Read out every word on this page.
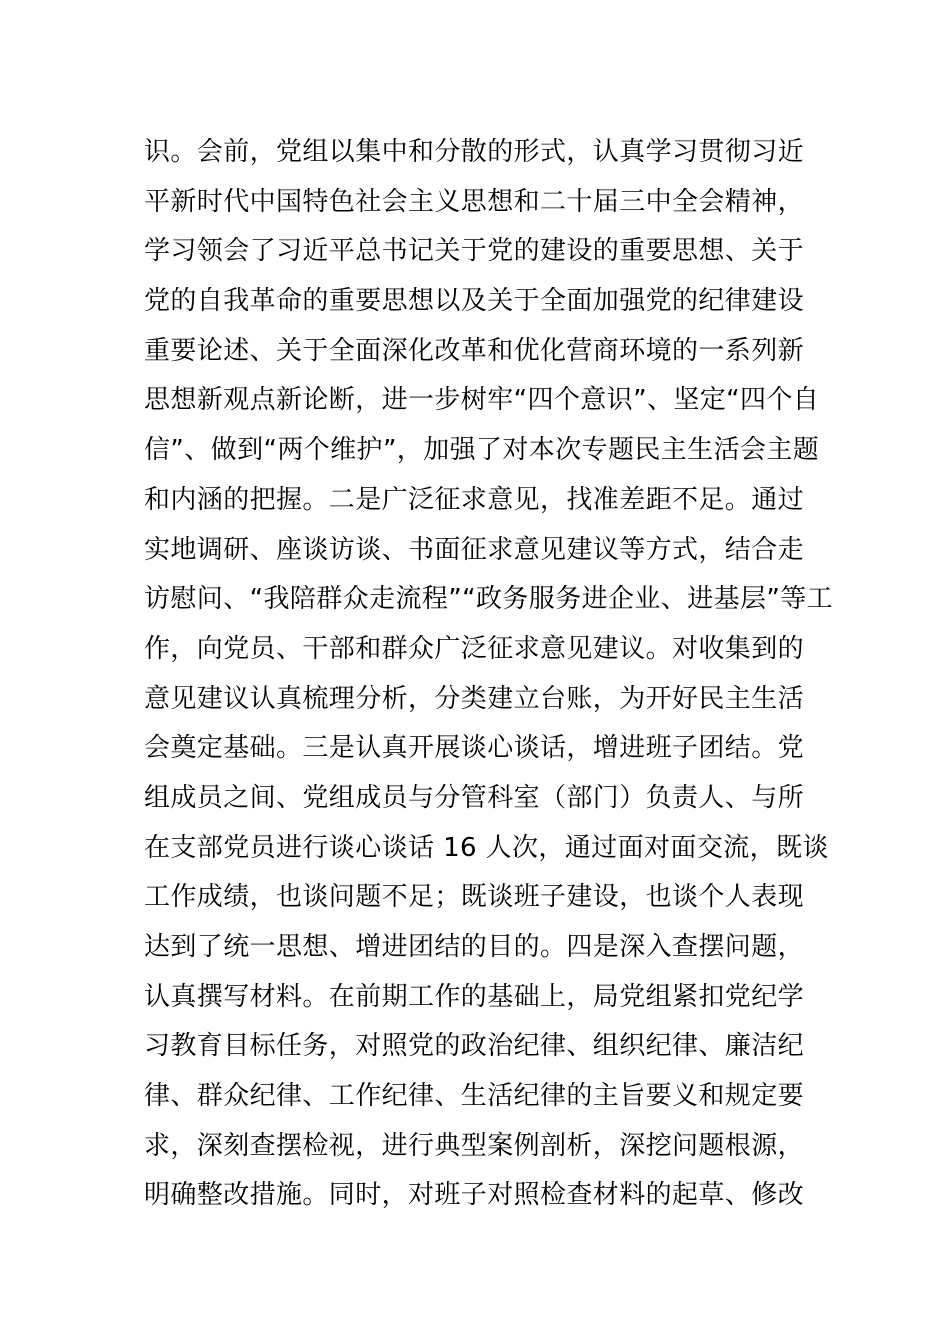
识。会前，党组以集中和分散的形式，认真学习贯彻习近
平新时代中国特色社会主义思想和二十届三中全会精神，
学习领会了习近平总书记关于党的建设的重要思想、关于
党的自我革命的重要思想以及关于全面加强党的纪律建设
重要论述、关于全面深化改革和优化营商环境的一系列新
思想新观点新论断，进一步树牢“四个意识”、坚定“四个自
信”、做到“两个维护”，加强了对本次专题民主生活会主题
和内涵的把握。二是广泛征求意见，找准差距不足。通过
实地调研、座谈访谈、书面征求意见建议等方式，结合走
访慰问、“我陪群众走流程”“政务服务进企业、进基层”等工
作，向党员、干部和群众广泛征求意见建议。对收集到的
意见建议认真梳理分析，分类建立台账，为开好民主生活
会奠定基础。三是认真开展谈心谈话，增进班子团结。党
组成员之间、党组成员与分管科室（部门）负责人、与所
在支部党员进行谈心谈话 16 人次，通过面对面交流，既谈
工作成绩，也谈问题不足；既谈班子建设，也谈个人表现
达到了统一思想、增进团结的目的。四是深入查摆问题，
认真撰写材料。在前期工作的基础上，局党组紧扣党纪学
习教育目标任务，对照党的政治纪律、组织纪律、廉洁纪
律、群众纪律、工作纪律、生活纪律的主旨要义和规定要
求，深刻查摆检视，进行典型案例剖析，深挖问题根源，
明确整改措施。同时，对班子对照检查材料的起草、修改
